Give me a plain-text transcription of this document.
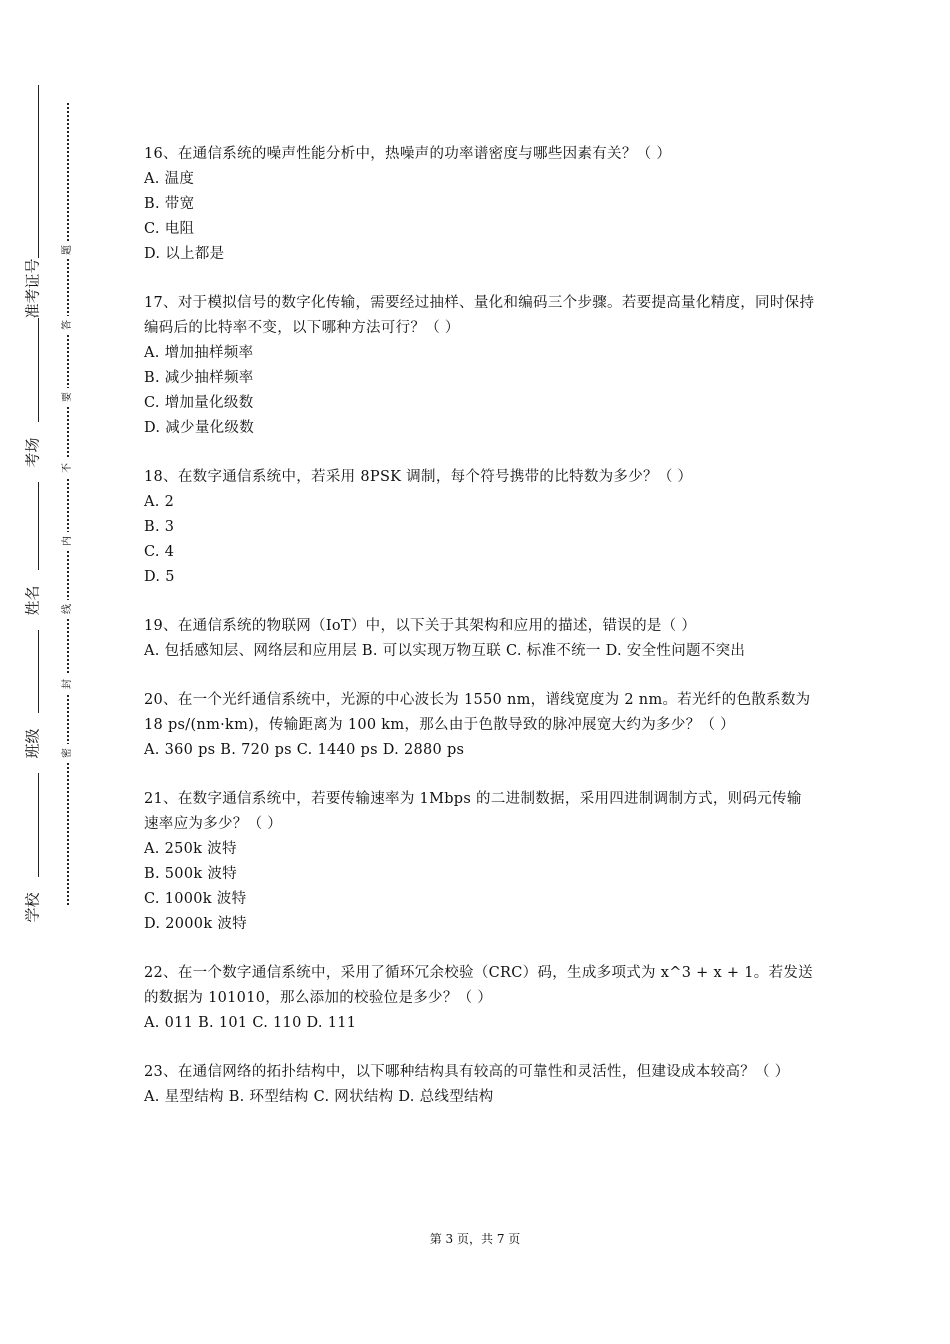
准考证号
考场
姓名
班级
学校
题
答
要
不
内
线
封
密

16、在通信系统的噪声性能分析中，热噪声的功率谱密度与哪些因素有关？（ ）

A. 温度

B. 带宽

C. 电阻

D. 以上都是

17、对于模拟信号的数字化传输，需要经过抽样、量化和编码三个步骤。若要提高量化精度，同时保持编码后的比特率不变，以下哪种方法可行？（ ）

A. 增加抽样频率

B. 减少抽样频率

C. 增加量化级数

D. 减少量化级数

18、在数字通信系统中，若采用 8PSK 调制，每个符号携带的比特数为多少？（ ）

A. 2

B. 3

C. 4

D. 5

19、在通信系统的物联网（IoT）中，以下关于其架构和应用的描述，错误的是（ ）

A. 包括感知层、网络层和应用层 B. 可以实现万物互联 C. 标准不统一 D. 安全性问题不突出

20、在一个光纤通信系统中，光源的中心波长为 1550 nm，谱线宽度为 2 nm。若光纤的色散系数为 18 ps/(nm·km)，传输距离为 100 km，那么由于色散导致的脉冲展宽大约为多少？（ ）

A. 360 ps B. 720 ps C. 1440 ps D. 2880 ps

21、在数字通信系统中，若要传输速率为 1Mbps 的二进制数据，采用四进制调制方式，则码元传输速率应为多少？（ ）

A. 250k 波特

B. 500k 波特

C. 1000k 波特

D. 2000k 波特

22、在一个数字通信系统中，采用了循环冗余校验（CRC）码，生成多项式为 x^3 + x + 1。若发送的数据为 101010，那么添加的校验位是多少？（ ）

A. 011 B. 101 C. 110 D. 111

23、在通信网络的拓扑结构中，以下哪种结构具有较高的可靠性和灵活性，但建设成本较高？（ ）

A. 星型结构 B. 环型结构 C. 网状结构 D. 总线型结构

第 3 页，共 7 页
